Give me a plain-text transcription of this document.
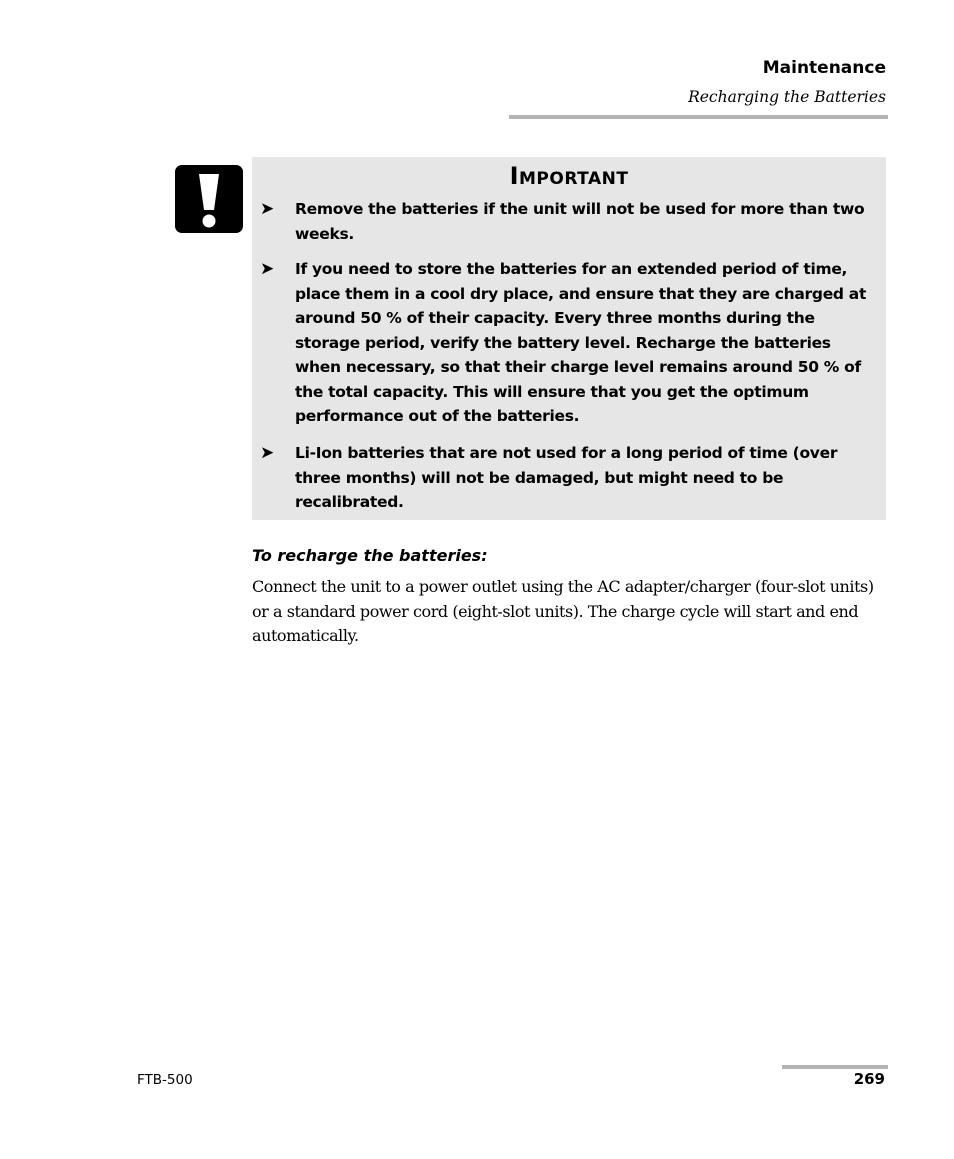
Maintenance
Recharging the Batteries
Important
➤ Remove the batteries if the unit will not be used for more than two weeks.
➤ If you need to store the batteries for an extended period of time, place them in a cool dry place, and ensure that they are charged at around 50 % of their capacity. Every three months during the storage period, verify the battery level. Recharge the batteries when necessary, so that their charge level remains around 50 % of the total capacity. This will ensure that you get the optimum performance out of the batteries.
➤ Li-Ion batteries that are not used for a long period of time (over three months) will not be damaged, but might need to be recalibrated.
To recharge the batteries:
Connect the unit to a power outlet using the AC adapter/charger (four-slot units) or a standard power cord (eight-slot units). The charge cycle will start and end automatically.
FTB-500	269
